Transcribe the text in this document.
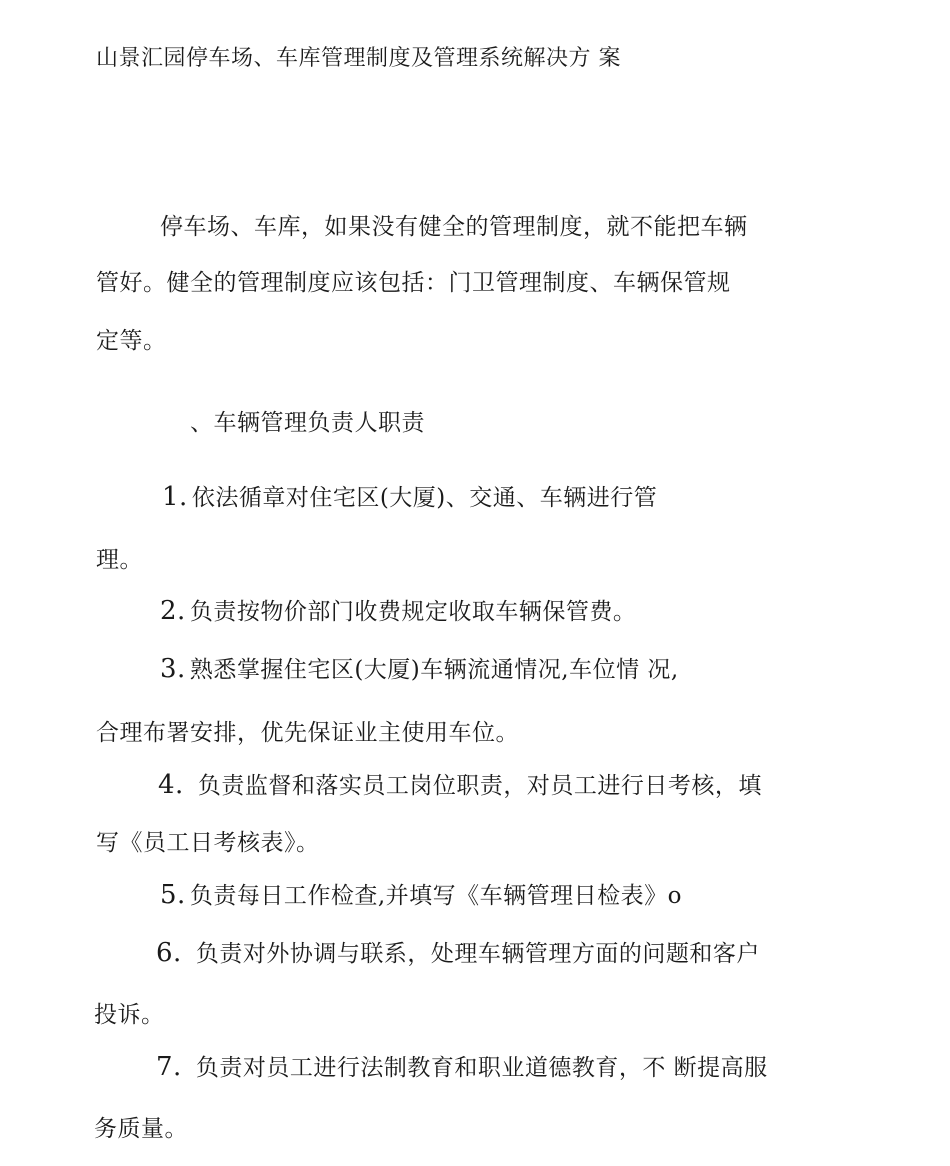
山景汇园停车场、车库管理制度及管理系统解决方 案
停车场、车库，如果没有健全的管理制度，就不能把车辆
管好。健全的管理制度应该包括：门卫管理制度、车辆保管规
定等。
、车辆管理负责人职责
1. 依法循章对住宅区(大厦)、交通、车辆进行管
理。
2. 负责按物价部门收费规定收取车辆保管费。
3. 熟悉掌握住宅区(大厦)车辆流通情况,车位情 况,
合理布署安排，优先保证业主使用车位。
4. 负责监督和落实员工岗位职责，对员工进行日考核，填
写《员工日考核表》。
5. 负责每日工作检查,并填写《车辆管理日检表》o
6. 负责对外协调与联系，处理车辆管理方面的问题和客户
投诉。
7. 负责对员工进行法制教育和职业道德教育，不 断提高服
务质量。
